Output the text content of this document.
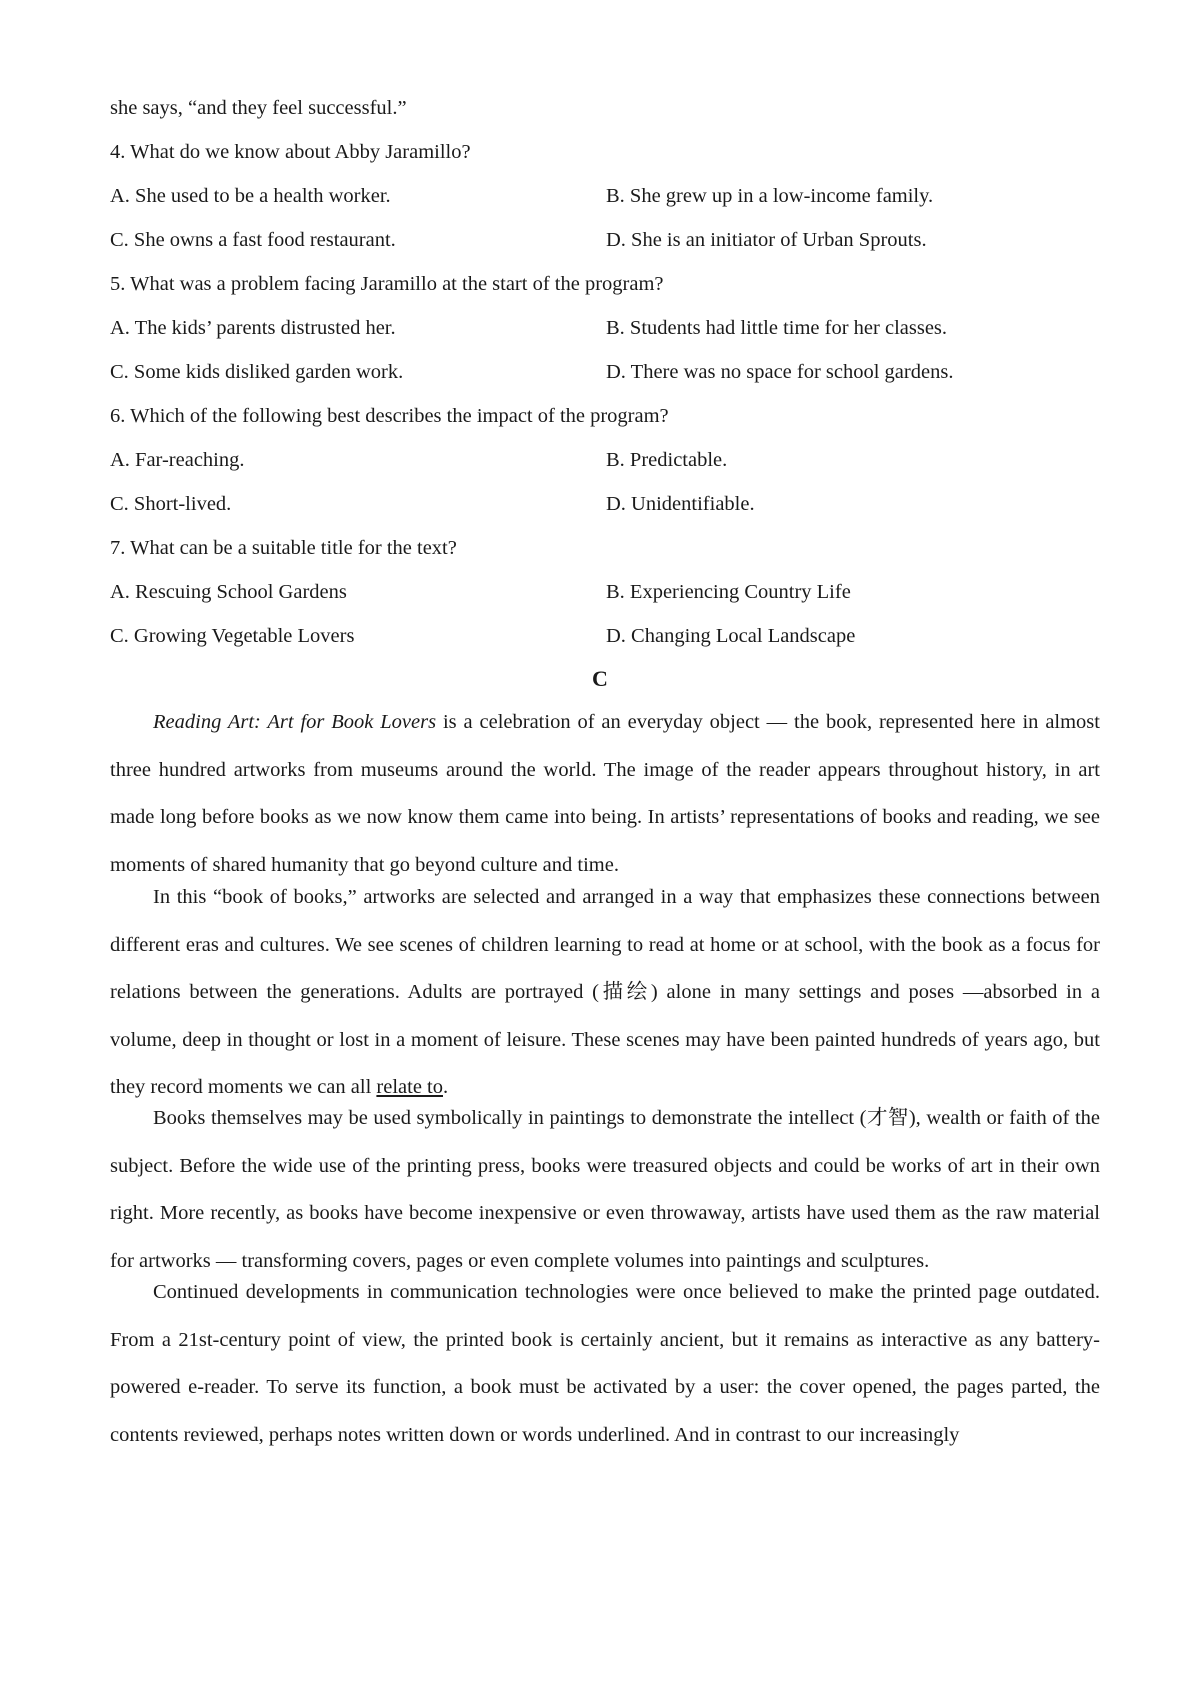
she says, “and they feel successful.”
4. What do we know about Abby Jaramillo?
A. She used to be a health worker.	B. She grew up in a low-income family.
C. She owns a fast food restaurant.	D. She is an initiator of Urban Sprouts.
5. What was a problem facing Jaramillo at the start of the program?
A. The kids’ parents distrusted her.	B. Students had little time for her classes.
C. Some kids disliked garden work.	D. There was no space for school gardens.
6. Which of the following best describes the impact of the program?
A. Far-reaching.	B. Predictable.
C. Short-lived.	D. Unidentifiable.
7. What can be a suitable title for the text?
A. Rescuing School Gardens	B. Experiencing Country Life
C. Growing Vegetable Lovers	D. Changing Local Landscape
C
Reading Art: Art for Book Lovers is a celebration of an everyday object — the book, represented here in almost three hundred artworks from museums around the world. The image of the reader appears throughout history, in art made long before books as we now know them came into being. In artists’ representations of books and reading, we see moments of shared humanity that go beyond culture and time.
In this “book of books,” artworks are selected and arranged in a way that emphasizes these connections between different eras and cultures. We see scenes of children learning to read at home or at school, with the book as a focus for relations between the generations. Adults are portrayed (描绘) alone in many settings and poses —absorbed in a volume, deep in thought or lost in a moment of leisure. These scenes may have been painted hundreds of years ago, but they record moments we can all relate to.
Books themselves may be used symbolically in paintings to demonstrate the intellect (才智), wealth or faith of the subject. Before the wide use of the printing press, books were treasured objects and could be works of art in their own right. More recently, as books have become inexpensive or even throwaway, artists have used them as the raw material for artworks — transforming covers, pages or even complete volumes into paintings and sculptures.
Continued developments in communication technologies were once believed to make the printed page outdated. From a 21st-century point of view, the printed book is certainly ancient, but it remains as interactive as any battery-powered e-reader. To serve its function, a book must be activated by a user: the cover opened, the pages parted, the contents reviewed, perhaps notes written down or words underlined. And in contrast to our increasingly
